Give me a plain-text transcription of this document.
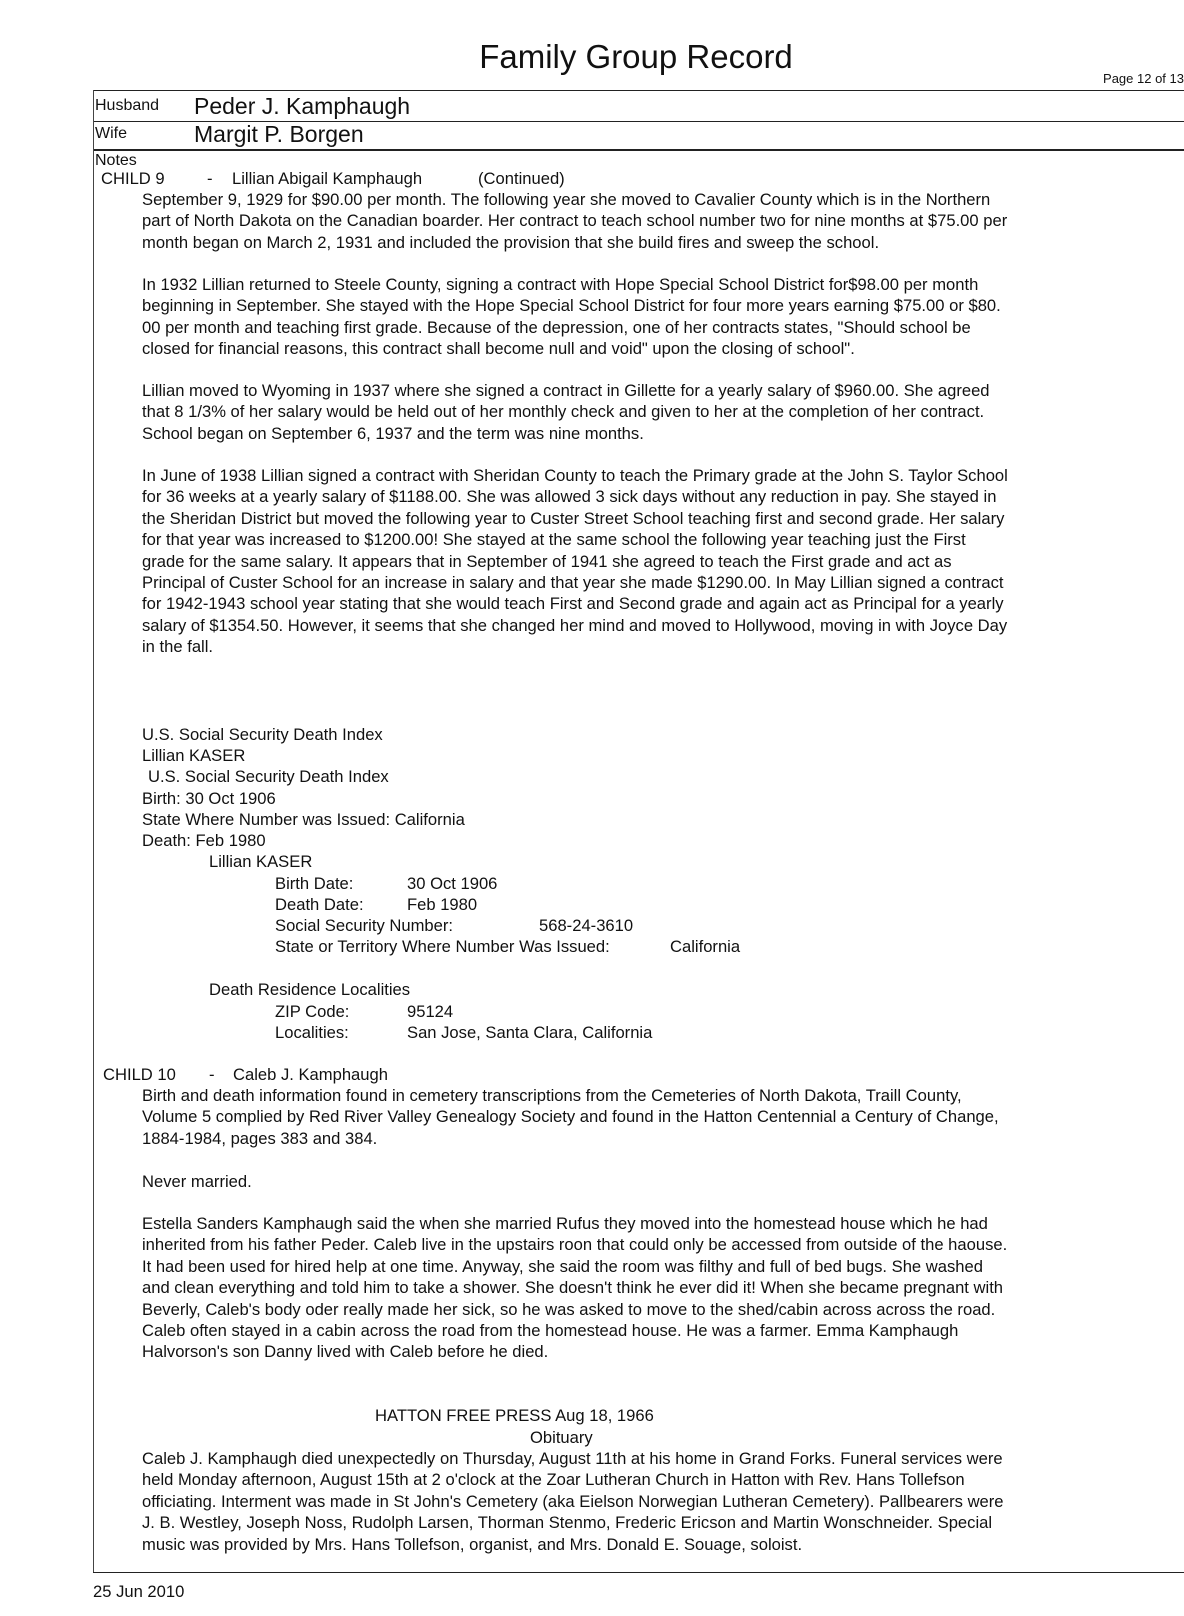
Family Group Record
Page 12 of 13
Husband Peder J. Kamphaugh
Wife	Margit P. Borgen
Notes
CHILD 9	- Lillian Abigail Kamphaugh	(Continued)
September 9, 1929 for $90.00 per month. The following year she moved to Cavalier County which is in the Northern
part of North Dakota on the Canadian boarder. Her contract to teach school number two for nine months at $75.00 per
month began on March 2, 1931 and included the provision that she build fires and sweep the school.
In 1932 Lillian returned to Steele County, signing a contract with Hope Special School District for$98.00 per month
beginning in September. She stayed with the Hope Special School District for four more years earning $75.00 or $80.
00 per month and teaching first grade. Because of the depression, one of her contracts states, "Should school be
closed for financial reasons, this contract shall become null and void" upon the closing of school".
Lillian moved to Wyoming in 1937 where she signed a contract in Gillette for a yearly salary of $960.00. She agreed
that 8 1/3% of her salary would be held out of her monthly check and given to her at the completion of her contract.
School began on September 6, 1937 and the term was nine months.
In June of 1938 Lillian signed a contract with Sheridan County to teach the Primary grade at the John S. Taylor School
for 36 weeks at a yearly salary of $1188.00. She was allowed 3 sick days without any reduction in pay. She stayed in
the Sheridan District but moved the following year to Custer Street School teaching first and second grade. Her salary
for that year was increased to $1200.00! She stayed at the same school the following year teaching just the First
grade for the same salary. It appears that in September of 1941 she agreed to teach the First grade and act as
Principal of Custer School for an increase in salary and that year she made $1290.00. In May Lillian signed a contract
for 1942-1943 school year stating that she would teach First and Second grade and again act as Principal for a yearly
salary of $1354.50. However, it seems that she changed her mind and moved to Hollywood, moving in with Joyce Day
in the fall.
U.S. Social Security Death Index
Lillian KASER
U.S. Social Security Death Index
Birth: 30 Oct 1906
State Where Number was Issued: California
Death: Feb 1980
Lillian KASER
Birth Date:	30 Oct 1906
Death Date:	Feb 1980
Social Security Number:	568-24-3610
State or Territory Where Number Was Issued:	California
Death Residence Localities
ZIP Code:	95124
Localities:	San Jose, Santa Clara, California
CHILD 10 - Caleb J. Kamphaugh
Birth and death information found in cemetery transcriptions from the Cemeteries of North Dakota, Traill County,
Volume 5 complied by Red River Valley Genealogy Society and found in the Hatton Centennial a Century of Change,
1884-1984, pages 383 and 384.
Never married.
Estella Sanders Kamphaugh said the when she married Rufus they moved into the homestead house which he had
inherited from his father Peder. Caleb live in the upstairs roon that could only be accessed from outside of the haouse.
It had been used for hired help at one time. Anyway, she said the room was filthy and full of bed bugs. She washed
and clean everything and told him to take a shower. She doesn't think he ever did it! When she became pregnant with
Beverly, Caleb's body oder really made her sick, so he was asked to move to the shed/cabin across across the road.
Caleb often stayed in a cabin across the road from the homestead house. He was a farmer. Emma Kamphaugh
Halvorson's son Danny lived with Caleb before he died.
HATTON FREE PRESS Aug 18, 1966
Obituary
Caleb J. Kamphaugh died unexpectedly on Thursday, August 11th at his home in Grand Forks. Funeral services were
held Monday afternoon, August 15th at 2 o'clock at the Zoar Lutheran Church in Hatton with Rev. Hans Tollefson
officiating. Interment was made in St John's Cemetery (aka Eielson Norwegian Lutheran Cemetery). Pallbearers were
J. B. Westley, Joseph Noss, Rudolph Larsen, Thorman Stenmo, Frederic Ericson and Martin Wonschneider. Special
music was provided by Mrs. Hans Tollefson, organist, and Mrs. Donald E. Souage, soloist.
25 Jun 2010
